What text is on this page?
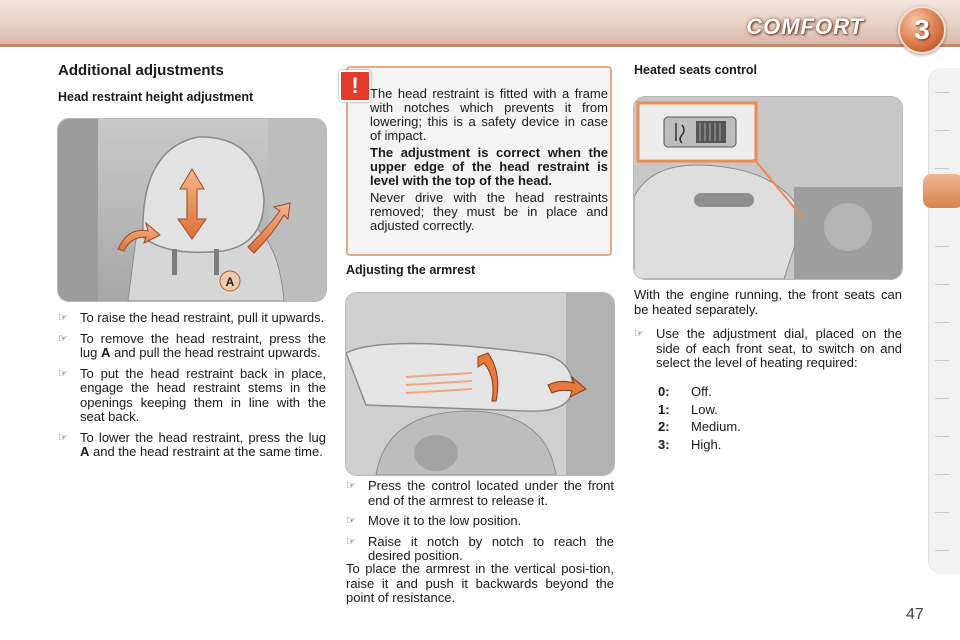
COMFORT	3
Additional adjustments
Head restraint height adjustment
A
☞ To raise the head restraint, pull it upwards.
☞ To remove the head restraint, press the lug A and pull the head restraint upwards.
☞ To put the head restraint back in place, engage the head restraint stems in the openings keeping them in line with the seat back.
☞ To lower the head restraint, press the lug A and the head restraint at the same time.
! The head restraint is fitted with a frame with notches which prevents it from lowering; this is a safety device in case of impact.

The adjustment is correct when the upper edge of the head restraint is level with the top of the head.

Never drive with the head restraints removed; they must be in place and adjusted correctly.

Adjusting the armrest
☞ Press the control located under the front end of the armrest to release it.
☞ Move it to the low position.
☞ Raise it notch by notch to reach the desired position.
To place the armrest in the vertical posi-tion, raise it and push it backwards beyond the point of resistance.
Heated seats control
With the engine running, the front seats can be heated separately.
☞ Use the adjustment dial, placed on the side of each front seat, to switch on and select the level of heating required:
0: Off.
1: Low.
2: Medium.
3: High.
47
